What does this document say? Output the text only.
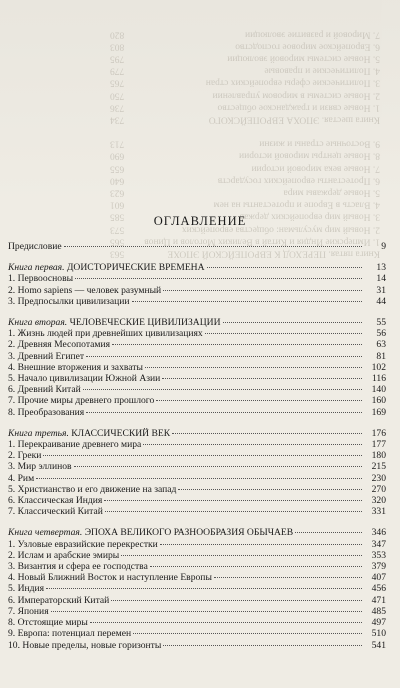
Книга пятая. ПЕРЕХОД К ЕВРОПЕЙСКОЙ ЭПОХЕ
563
1. Имперские Индия и Китай в Великих Моголов и Цинов
565
2. Новый мир мусульман: общества европейских
573
3. Новый мир европейских держав
585
4. Власть в Европе и протестанты на нем
601
5. Новые державы мира
623
6. Протестанты европейских государств
640
7. Новые века мировой истории
655
8. Новые центры мировой истории
690
9. Восточные страны и жизни
713
Книга шестая. ЭПОХА ЕВРОПЕЙСКОГО
734
1. Новые связи и гражданское общество
736
2. Новые системы в мировом управлении
750
3. Политические сферы европейских стран
765
4. Политические и правовые
779
5. Новые системы мировой эволюции
795
6. Европейское мировое господство
803
7. Мировой и развитие эволюции
820
ОГЛАВЛЕНИЕ
Предисловие	9
Книга первая. ДОИСТОРИЧЕСКИЕ ВРЕМЕНА	13
1. Первоосновы	14
2. Homo sapiens — человек разумный	31
3. Предпосылки цивилизации	44
Книга вторая. ЧЕЛОВЕЧЕСКИЕ ЦИВИЛИЗАЦИИ	55
1. Жизнь людей при древнейших цивилизациях	56
2. Древняя Месопотамия	63
3. Древний Египет	81
4. Внешние вторжения и захваты	102
5. Начало цивилизации Южной Азии	116
6. Древний Китай	140
7. Прочие миры древнего прошлого	160
8. Преобразования	169
Книга третья. КЛАССИЧЕСКИЙ ВЕК	176
1. Перекраивание древнего мира	177
2. Греки	180
3. Мир эллинов	215
4. Рим	230
5. Христианство и его движение на запад	270
6. Классическая Индия	320
7. Классический Китай	331
Книга четвертая. ЭПОХА ВЕЛИКОГО РАЗНООБРАЗИЯ ОБЫЧАЕВ	346
1. Узловые евразийские перекрестки	347
2. Ислам и арабские эмиры	353
3. Византия и сфера ее господства	379
4. Новый Ближний Восток и наступление Европы	407
5. Индия	456
6. Императорский Китай	471
7. Япония	485
8. Отстоящие миры	497
9. Европа: потенциал перемен	510
10. Новые пределы, новые горизонты	541
